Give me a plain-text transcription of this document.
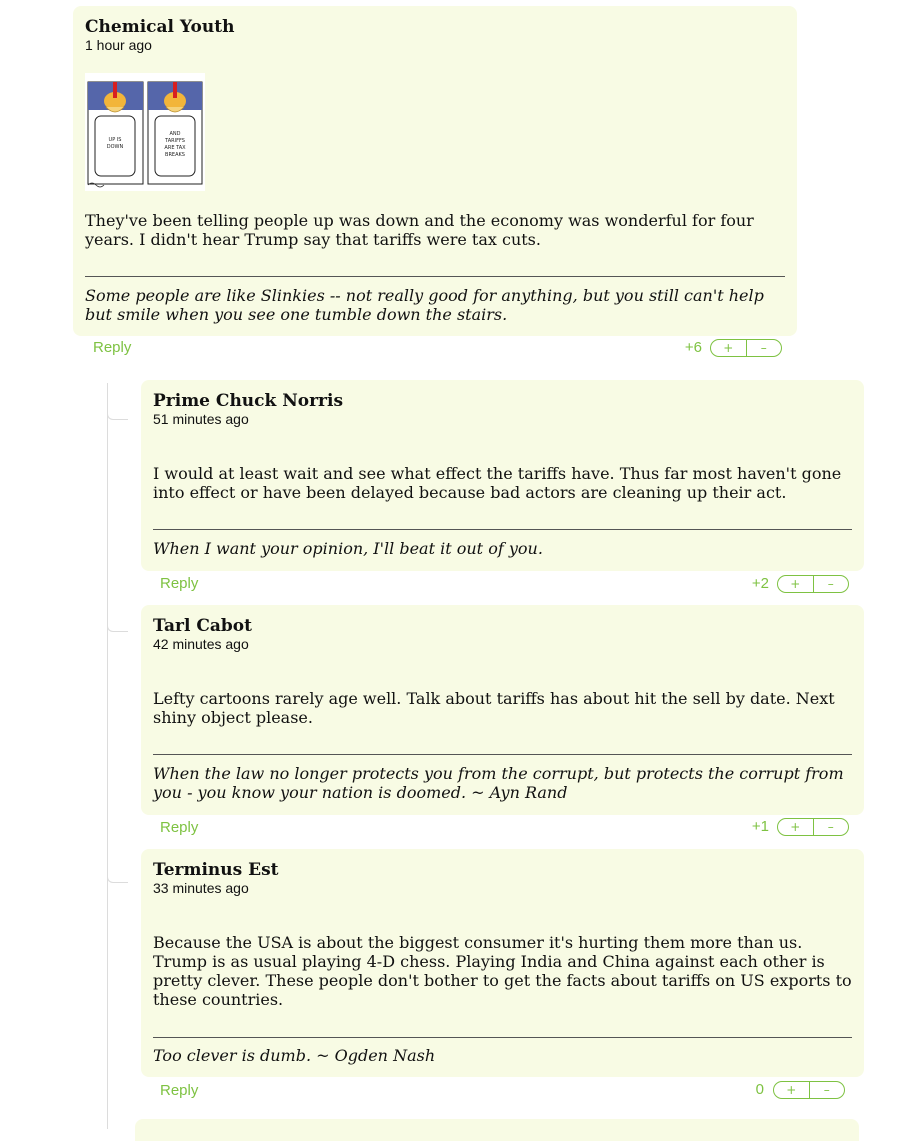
Chemical Youth
1 hour ago
UP IS
DOWN
AND
TARIFFS
ARE TAX
BREAKS
They've been telling people up was down and the economy was wonderful for four years. I didn't hear Trump say that tariffs were tax cuts.
Some people are like Slinkies -- not really good for anything, but you still can't help but smile when you see one tumble down the stairs.
Reply	+6	+	–
Prime Chuck Norris
51 minutes ago
I would at least wait and see what effect the tariffs have. Thus far most haven't gone into effect or have been delayed because bad actors are cleaning up their act.
When I want your opinion, I'll beat it out of you.
Reply	+2	+	–
Tarl Cabot
42 minutes ago
Lefty cartoons rarely age well. Talk about tariffs has about hit the sell by date. Next shiny object please.
When the law no longer protects you from the corrupt, but protects the corrupt from you - you know your nation is doomed. ~ Ayn Rand
Reply	+1	+	–
Terminus Est
33 minutes ago
Because the USA is about the biggest consumer it's hurting them more than us. Trump is as usual playing 4-D chess. Playing India and China against each other is pretty clever. These people don't bother to get the facts about tariffs on US exports to these countries.
Too clever is dumb. ~ Ogden Nash
Reply	0	+	–
